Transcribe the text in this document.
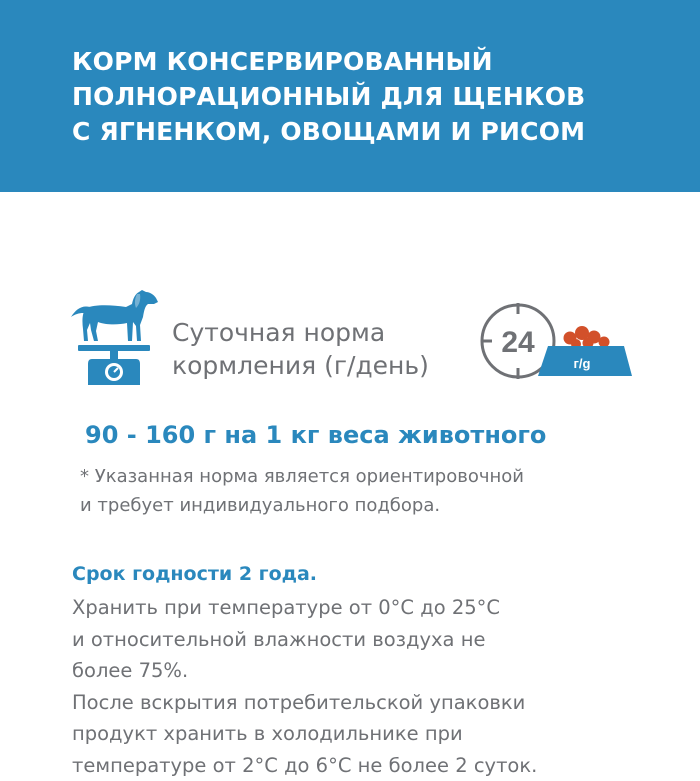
КОРМ КОНСЕРВИРОВАННЫЙ
ПОЛНОРАЦИОННЫЙ ДЛЯ ЩЕНКОВ
С ЯГНЕНКОМ, ОВОЩАМИ И РИСОМ
Суточная норма
кормления (г/день)
24
г/g

90 - 160 г на 1 кг веса животного

* Указанная норма является ориентировочной
и требует индивидуального подбора.

Срок годности 2 года.

Хранить при температуре от 0°С до 25°С
и относительной влажности воздуха не
более 75%.
После вскрытия потребительской упаковки
продукт хранить в холодильнике при
температуре от 2°С до 6°С не более 2 суток.
